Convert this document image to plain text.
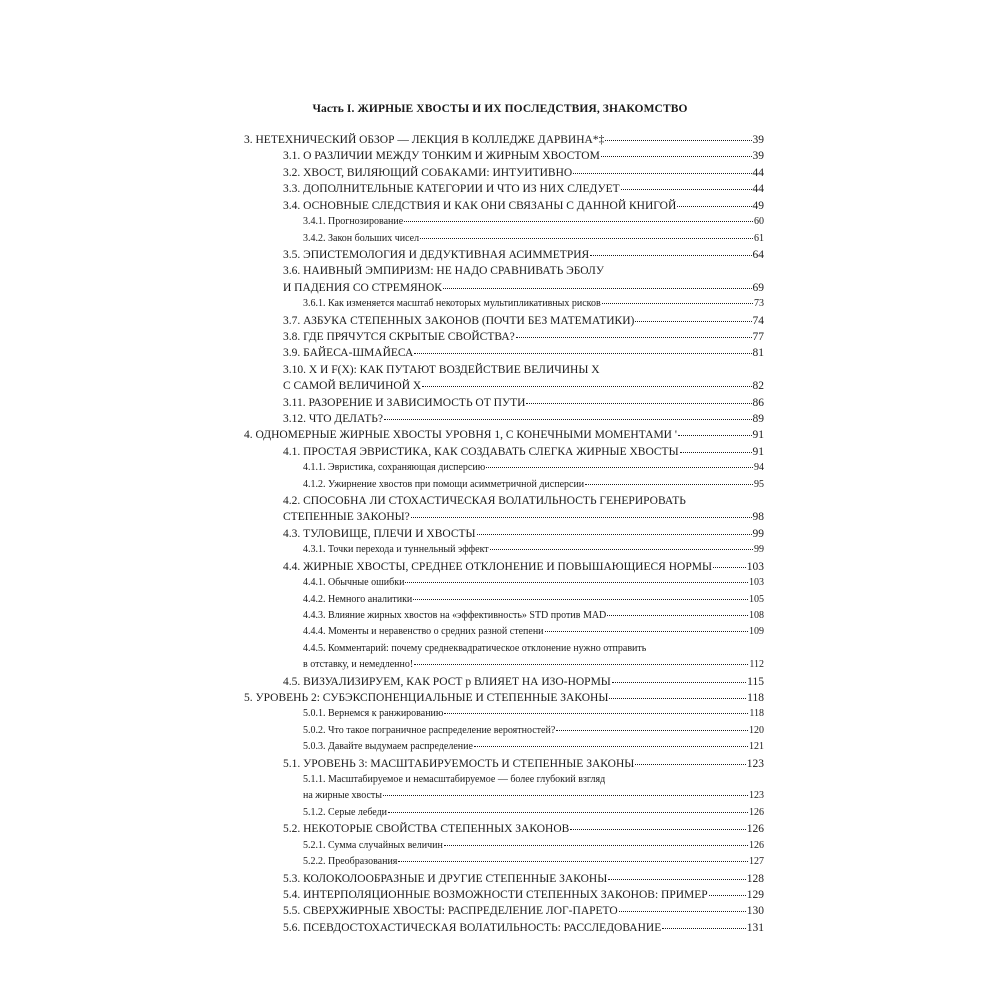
Часть I. ЖИРНЫЕ ХВОСТЫ И ИХ ПОСЛЕДСТВИЯ, ЗНАКОМСТВО
3. НЕТЕХНИЧЕСКИЙ ОБЗОР — ЛЕКЦИЯ В КОЛЛЕДЖЕ ДАРВИНА*‡	39
3.1. О РАЗЛИЧИИ МЕЖДУ ТОНКИМ И ЖИРНЫМ ХВОСТОМ	39
3.2. ХВОСТ, ВИЛЯЮЩИЙ СОБАКАМИ: ИНТУИТИВНО	44
3.3. ДОПОЛНИТЕЛЬНЫЕ КАТЕГОРИИ И ЧТО ИЗ НИХ СЛЕДУЕТ	44
3.4. ОСНОВНЫЕ СЛЕДСТВИЯ И КАК ОНИ СВЯЗАНЫ С ДАННОЙ КНИГОЙ	49
3.4.1. Прогнозирование	60
3.4.2. Закон больших чисел	61
3.5. ЭПИСТЕМОЛОГИЯ И ДЕДУКТИВНАЯ АСИММЕТРИЯ	64
3.6. НАИВНЫЙ ЭМПИРИЗМ: НЕ НАДО СРАВНИВАТЬ ЭБОЛУ
И ПАДЕНИЯ СО СТРЕМЯНОК	69
3.6.1. Как изменяется масштаб некоторых мультипликативных рисков	73
3.7. АЗБУКА СТЕПЕННЫХ ЗАКОНОВ (ПОЧТИ БЕЗ МАТЕМАТИКИ)	74
3.8. ГДЕ ПРЯЧУТСЯ СКРЫТЫЕ СВОЙСТВА?	77
3.9. БАЙЕСА-ШМАЙЕСА	81
3.10. X И F(X): КАК ПУТАЮТ ВОЗДЕЙСТВИЕ ВЕЛИЧИНЫ X
С САМОЙ ВЕЛИЧИНОЙ X	82
3.11. РАЗОРЕНИЕ И ЗАВИСИМОСТЬ ОТ ПУТИ	86
3.12. ЧТО ДЕЛАТЬ?	89
4. ОДНОМЕРНЫЕ ЖИРНЫЕ ХВОСТЫ УРОВНЯ 1, С КОНЕЧНЫМИ МОМЕНТАМИ '	91
4.1. ПРОСТАЯ ЭВРИСТИКА, КАК СОЗДАВАТЬ СЛЕГКА ЖИРНЫЕ ХВОСТЫ	91
4.1.1. Эвристика, сохраняющая дисперсию	94
4.1.2. Ужирнение хвостов при помощи асимметричной дисперсии	95
4.2. СПОСОБНА ЛИ СТОХАСТИЧЕСКАЯ ВОЛАТИЛЬНОСТЬ ГЕНЕРИРОВАТЬ
СТЕПЕННЫЕ ЗАКОНЫ?	98
4.3. ТУЛОВИЩЕ, ПЛЕЧИ И ХВОСТЫ	99
4.3.1. Точки перехода и туннельный эффект	99
4.4. ЖИРНЫЕ ХВОСТЫ, СРЕДНЕЕ ОТКЛОНЕНИЕ И ПОВЫШАЮЩИЕСЯ НОРМЫ	103
4.4.1. Обычные ошибки	103
4.4.2. Немного аналитики	105
4.4.3. Влияние жирных хвостов на «эффективность» STD против MAD	108
4.4.4. Моменты и неравенство о средних разной степени	109
4.4.5. Комментарий: почему среднеквадратическое отклонение нужно отправить
в отставку, и немедленно!	112
4.5. ВИЗУАЛИЗИРУЕМ, КАК РОСТ p ВЛИЯЕТ НА ИЗО-НОРМЫ	115
5. УРОВЕНЬ 2: СУБЭКСПОНЕНЦИАЛЬНЫЕ И СТЕПЕННЫЕ ЗАКОНЫ	118
5.0.1. Вернемся к ранжированию	118
5.0.2. Что такое пограничное распределение вероятностей?	120
5.0.3. Давайте выдумаем распределение	121
5.1. УРОВЕНЬ 3: МАСШТАБИРУЕМОСТЬ И СТЕПЕННЫЕ ЗАКОНЫ	123
5.1.1. Масштабируемое и немасштабируемое — более глубокий взгляд
на жирные хвосты	123
5.1.2. Серые лебеди	126
5.2. НЕКОТОРЫЕ СВОЙСТВА СТЕПЕННЫХ ЗАКОНОВ	126
5.2.1. Сумма случайных величин	126
5.2.2. Преобразования	127
5.3. КОЛОКОЛООБРАЗНЫЕ И ДРУГИЕ СТЕПЕННЫЕ ЗАКОНЫ	128
5.4. ИНТЕРПОЛЯЦИОННЫЕ ВОЗМОЖНОСТИ СТЕПЕННЫХ ЗАКОНОВ: ПРИМЕР	129
5.5. СВЕРХЖИРНЫЕ ХВОСТЫ: РАСПРЕДЕЛЕНИЕ ЛОГ-ПАРЕТО	130
5.6. ПСЕВДОСТОХАСТИЧЕСКАЯ ВОЛАТИЛЬНОСТЬ: РАССЛЕДОВАНИЕ	131
